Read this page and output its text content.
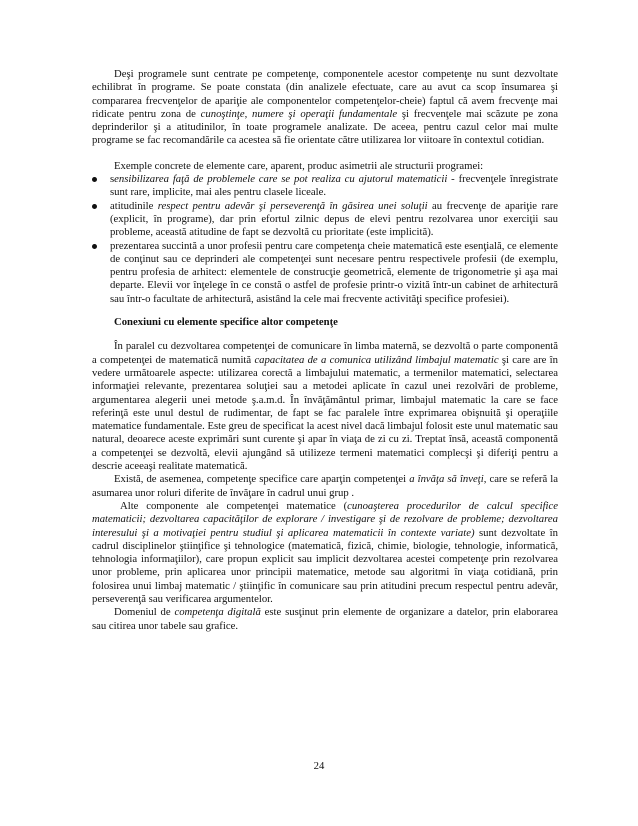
Deşi programele sunt centrate pe competenţe, componentele acestor competenţe nu sunt dezvoltate echilibrat în programe. Se poate constata (din analizele efectuate, care au avut ca scop însumarea şi compararea frecvenţelor de apariţie ale componentelor competenţelor-cheie) faptul că avem frecvenţe mai ridicate pentru zona de cunoştinţe, numere şi operaţii fundamentale şi frecvenţele mai scăzute pe zona deprinderilor şi a atitudinilor, în toate programele analizate. De aceea, pentru cazul celor mai multe programe se fac recomandările ca acestea să fie orientate către utilizarea lor viitoare în contextul cotidian.

Exemple concrete de elemente care, aparent, produc asimetrii ale structurii programei:

sensibilizarea faţă de problemele care se pot realiza cu ajutorul matematicii - frecvenţele înregistrate sunt rare, implicite, mai ales pentru clasele liceale.
atitudinile respect pentru adevăr şi perseverenţă în găsirea unei soluţii au frecvenţe de apariţie rare (explicit, în programe), dar prin efortul zilnic depus de elevi pentru rezolvarea unor exerciţii sau probleme, această atitudine de fapt se dezvoltă cu prioritate (este implicită).
prezentarea succintă a unor profesii pentru care competenţa cheie matematică este esenţială, ce elemente de conţinut sau ce deprinderi ale competenţei sunt necesare pentru respectivele profesii (de exemplu, pentru profesia de arhitect: elementele de construcţie geometrică, elemente de trigonometrie şi aşa mai departe. Elevii vor înţelege în ce constă o astfel de profesie printr-o vizită într-un cabinet de arhitectură sau într-o facultate de arhitectură, asistând la cele mai frecvente activităţi specifice profesiei).

Conexiuni cu elemente specifice altor competenţe

În paralel cu dezvoltarea competenţei de comunicare în limba maternă, se dezvoltă o parte componentă a competenţei de matematică numită capacitatea de a comunica utilizând limbajul matematic şi care are în vedere următoarele aspecte: utilizarea corectă a limbajului matematic, a termenilor matematici, selectarea informaţiei relevante, prezentarea soluţiei sau a metodei aplicate în cazul unei rezolvări de probleme, argumentarea alegerii unei metode ş.a.m.d. În învăţământul primar, limbajul matematic la care se face referinţă este unul destul de rudimentar, de fapt se fac paralele între exprimarea obişnuită şi operaţiile matematice fundamentale. Este greu de specificat la acest nivel dacă limbajul folosit este unul matematic sau natural, deoarece aceste exprimări sunt curente şi apar în viaţa de zi cu zi. Treptat însă, această componentă a competenţei se dezvoltă, elevii ajungând să utilizeze termeni matematici complecşi şi diferiţi pentru a descrie aceeaşi realitate matematică.

Există, de asemenea, competenţe specifice care aparţin competenţei a învăţa să înveţi, care se referă la asumarea unor roluri diferite de învăţare în cadrul unui grup .

Alte componente ale competenţei matematice (cunoaşterea procedurilor de calcul specifice matematicii; dezvoltarea capacităţilor de explorare / investigare şi de rezolvare de probleme; dezvoltarea interesului şi a motivaţiei pentru studiul şi aplicarea matematicii în contexte variate) sunt dezvoltate în cadrul disciplinelor ştiinţifice şi tehnologice (matematică, fizică, chimie, biologie, tehnologie, informatică, tehnologia informaţiilor), care propun explicit sau implicit dezvoltarea acestei competenţe prin rezolvarea unor probleme, prin aplicarea unor principii matematice, metode sau algoritmi în viaţa cotidiană, prin folosirea unui limbaj matematic / ştiinţific în comunicare sau prin atitudini precum respectul pentru adevăr, perseverenţă sau verificarea argumentelor.

Domeniul de competenţa digitală este susţinut prin elemente de organizare a datelor, prin elaborarea sau citirea unor tabele sau grafice.

24
